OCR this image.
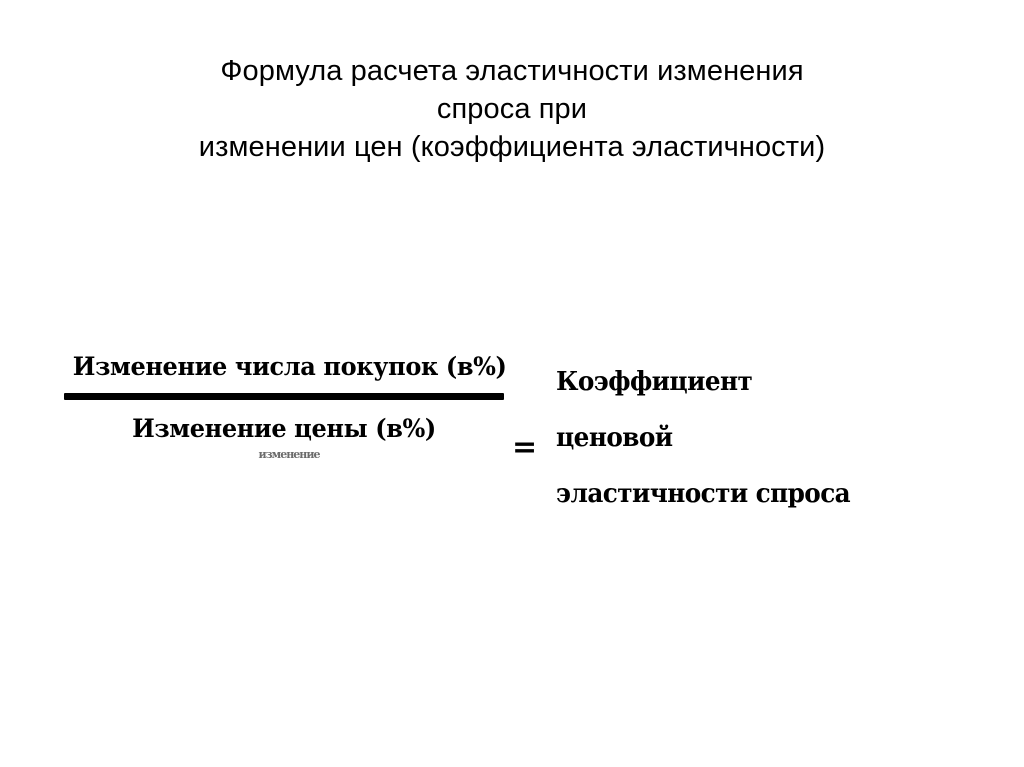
Формула расчета эластичности изменения
спроса при
изменении цен (коэффициента эластичности)
Изменение числа покупок (в%)
Изменение цены (в%)
изменение	=
Коэффициент
ценовой
эластичности спроса
